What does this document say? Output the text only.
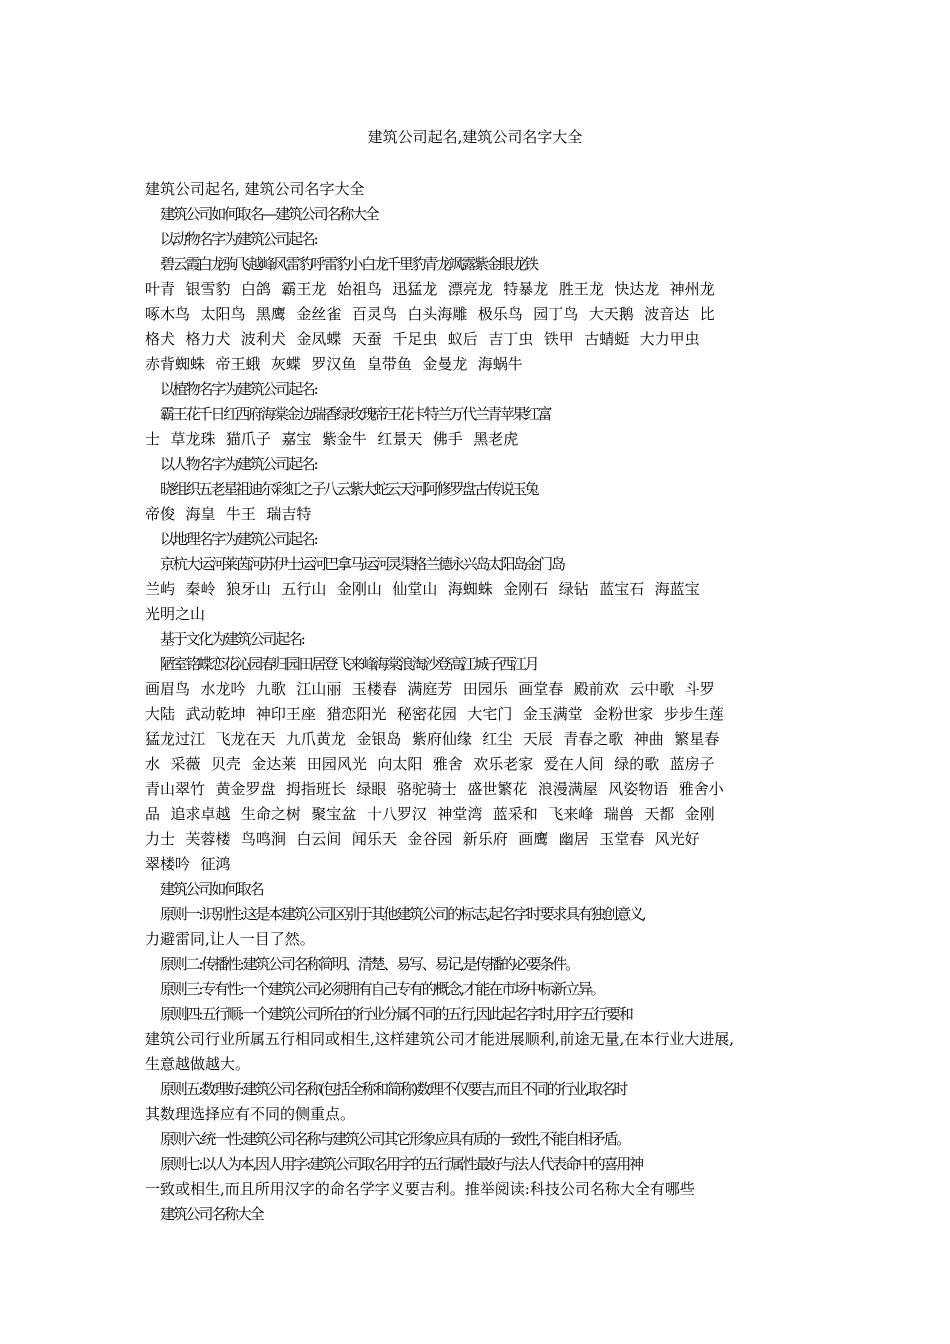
建筑公司起名,建筑公司名字大全
建筑公司起名, 建筑公司名字大全
建筑公司如何取名—建筑公司名称大全
以动物名字为建筑公司起名:
碧云霞 白龙驹 飞越峰 风雷豹 呼雷豹 小白龙 千里豹 青龙 飒露紫 金眼龙 铁
叶青 银雪豹 白鸽 霸王龙 始祖鸟 迅猛龙 漂亮龙 特暴龙 胜王龙 快达龙 神州龙
啄木鸟 太阳鸟 黑鹰 金丝雀 百灵鸟 白头海雕 极乐鸟 园丁鸟 大天鹅 波音达 比
格犬 格力犬 波利犬 金凤蝶 天蚕 千足虫 蚁后 吉丁虫 铁甲 古蜻蜓 大力甲虫
赤背蜘蛛 帝王蛾 灰蝶 罗汉鱼 皇带鱼 金曼龙 海蜗牛
以植物名字为建筑公司起名:
霸王花 千日红 西府海棠 金边瑞香 绿玫瑰 帝王花 卡特兰 万代兰 青苹果 红富
士 草龙珠 猫爪子 嘉宝 紫金牛 红景天 佛手 黑老虎
以人物名字为建筑公司起名:
晓组织 五老星 祖迪尔 彩虹之子 八云紫 大蛇 云天河 阿修罗 盘古传说 玉兔
帝俊 海皇 牛王 瑞吉特
以地理名字为建筑公司起名:
京杭大运河 莱茵河 苏伊士运河 巴拿马运河 灵渠 格兰德 永兴岛 太阳岛 金门岛
兰屿 秦岭 狼牙山 五行山 金刚山 仙堂山 海蜘蛛 金刚石 绿钻 蓝宝石 海蓝宝
光明之山
基于文化为建筑公司起名:
陋室铭 蝶恋花 沁园春 归园田居 登飞来峰 海棠 浪淘沙 登高 江城子 西江月
画眉鸟 水龙吟 九歌 江山丽 玉楼春 满庭芳 田园乐 画堂春 殿前欢 云中歌 斗罗
大陆 武动乾坤 神印王座 猎恋阳光 秘密花园 大宅门 金玉满堂 金粉世家 步步生莲
猛龙过江 飞龙在天 九爪黄龙 金银岛 紫府仙缘 红尘 天辰 青春之歌 神曲 繁星春
水 采薇 贝壳 金达莱 田园风光 向太阳 雅舍 欢乐老家 爱在人间 绿的歌 蓝房子
青山翠竹 黄金罗盘 拇指班长 绿眼 骆驼骑士 盛世繁花 浪漫满屋 风姿物语 雅舍小
品 追求卓越 生命之树 聚宝盆 十八罗汉 神堂湾 蓝采和 飞来峰 瑞兽 天都 金刚
力士 芙蓉楼 鸟鸣涧 白云间 闻乐天 金谷园 新乐府 画鹰 幽居 玉堂春 风光好
翠楼吟 征鸿
建筑公司如何取名
原则一:识别性:这是本建筑公司区别于其他建筑公司的标志,起名字时要求具有独创意义,
力避雷同,让人一目了然。
原则二:传播性:建筑公司名称简明、清楚、易写、易记,是传播的必要条件。
原则三:专有性:一个建筑公司必须拥有自己专有的概念,才能在市场中标新立异。
原则四:五行顺:一个建筑公司所在的行业分属不同的五行,因此起名字时,用字五行要和
建筑公司行业所属五行相同或相生,这样建筑公司才能进展顺利,前途无量,在本行业大进展,
生意越做越大。
原则五:数理好:建筑公司名称(包括全称和简称)数理不仅要吉,而且不同的行业,取名时
其数理选择应有不同的侧重点。
原则六:统一性:建筑公司名称与建筑公司其它形象应具有质的一致性,不能自相矛盾。
原则七:以人为本,因人用字:建筑公司取名用字的五行属性最好与法人代表命中的喜用神
一致或相生,而且所用汉字的命名学字义要吉利。推举阅读:科技公司名称大全有哪些
建筑公司名称大全
